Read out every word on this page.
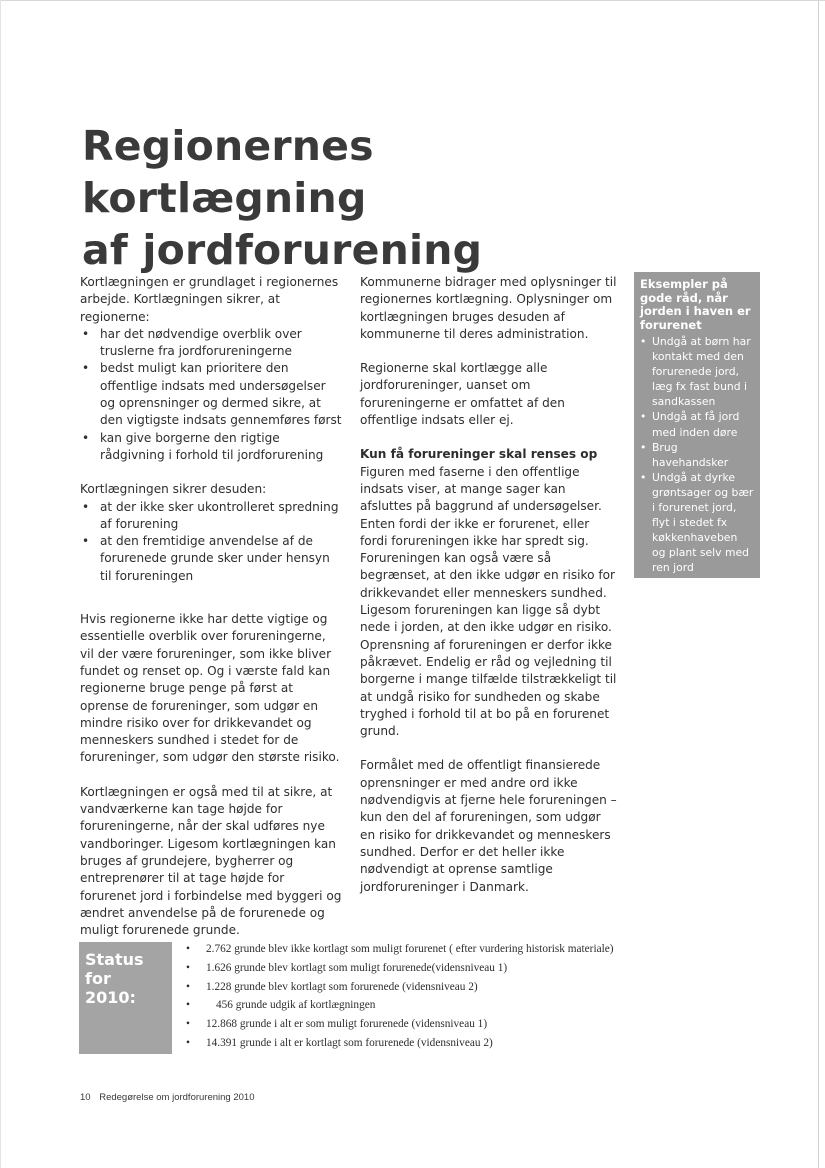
Regionernes kortlægning
af jordforurening

Kortlægningen er grundlaget i regionernes arbejde. Kortlægningen sikrer, at regionerne:

• har det nødvendige overblik over truslerne fra jordforureningerne
• bedst muligt kan prioritere den offentlige indsats med undersøgelser og oprensninger og dermed sikre, at den vigtigste indsats gennemføres først
• kan give borgerne den rigtige rådgivning i forhold til jordforurening

Kortlægningen sikrer desuden:

• at der ikke sker ukontrolleret spredning af forurening
• at den fremtidige anvendelse af de forurenede grunde sker under hensyn til forureningen

Hvis regionerne ikke har dette vigtige og essentielle overblik over forureningerne, vil der være forureninger, som ikke bliver fundet og renset op. Og i værste fald kan regionerne bruge penge på først at oprense de forureninger, som udgør en mindre risiko over for drikkevandet og menneskers sundhed i stedet for de forureninger, som udgør den største risiko.

Kortlægningen er også med til at sikre, at vandværkerne kan tage højde for forureningerne, når der skal udføres nye vandboringer. Ligesom kortlægningen kan bruges af grundejere, bygherrer og entreprenører til at tage højde for forurenet jord i forbindelse med byggeri og ændret anvendelse på de forurenede og muligt forurenede grunde.

Kommunerne bidrager med oplysninger til regionernes kortlægning. Oplysninger om kortlægningen bruges desuden af kommunerne til deres administration.

Regionerne skal kortlægge alle jordforureninger, uanset om forureningerne er omfattet af den offentlige indsats eller ej.

Kun få forureninger skal renses op

Figuren med faserne i den offentlige indsats viser, at mange sager kan afsluttes på baggrund af undersøgelser. Enten fordi der ikke er forurenet, eller fordi forureningen ikke har spredt sig. Forureningen kan også være så begrænset, at den ikke udgør en risiko for drikkevandet eller menneskers sundhed. Ligesom forureningen kan ligge så dybt nede i jorden, at den ikke udgør en risiko. Oprensning af forureningen er derfor ikke påkrævet. Endelig er råd og vejledning til borgerne i mange tilfælde tilstrækkeligt til at undgå risiko for sundheden og skabe tryghed i forhold til at bo på en forurenet grund.

Formålet med de offentligt finansierede oprensninger er med andre ord ikke nødvendigvis at fjerne hele forureningen – kun den del af forureningen, som udgør en risiko for drikkevandet og menneskers sundhed. Derfor er det heller ikke nødvendigt at oprense samtlige jordforureninger i Danmark.

Eksempler på gode råd, når jorden i haven er forurenet
• Undgå at børn har kontakt med den forurenede jord, læg fx fast bund i sandkassen
• Undgå at få jord med inden døre
• Brug havehandsker
• Undgå at dyrke grøntsager og bær i forurenet jord, flyt i stedet fx køkkenhaveben og plant selv med ren jord
• Vask hænder
• Dæk bar jord, læg fliser eller så græs
Status for 2010:
• 2.762 grunde blev ikke kortlagt som muligt forurenet ( efter vurdering historisk materiale)
• 1.626 grunde blev kortlagt som muligt forurenede(vidensniveau 1)
• 1.228 grunde blev kortlagt som forurenede (vidensniveau 2)
• 456 grunde udgik af kortlægningen
• 12.868 grunde i alt er som muligt forurenede (vidensniveau 1)
• 14.391 grunde i alt er kortlagt som forurenede (vidensniveau 2)
10 Redegørelse om jordforurening 2010
